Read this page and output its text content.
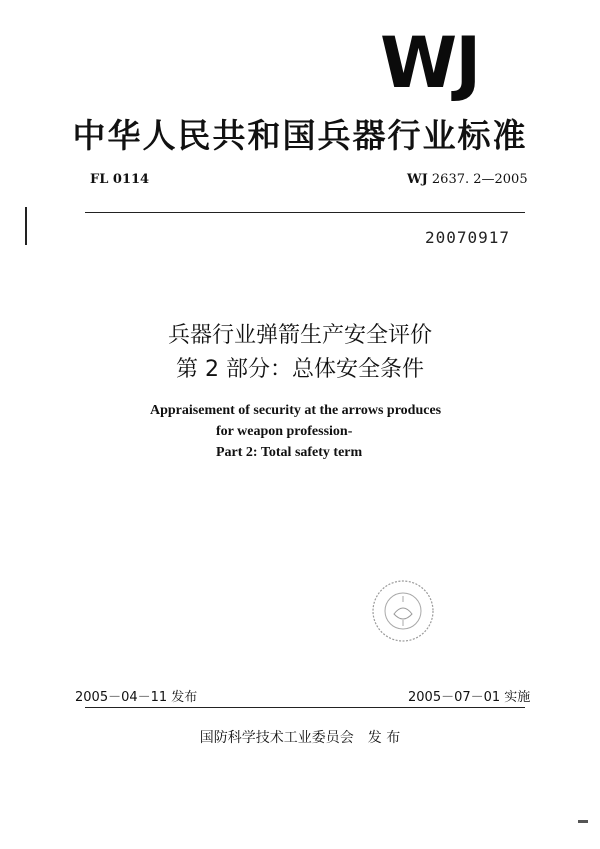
WJ
中华人民共和国兵器行业标准
FL 0114	WJ 2637. 2—2005
20070917
兵器行业弹箭生产安全评价
第 2 部分：总体安全条件
Appraisement of security at the arrows produces
for weapon profession-
Part 2: Total safety term
2005－04－11 发布	2005－07－01 实施
国防科学技术工业委员会 发 布
